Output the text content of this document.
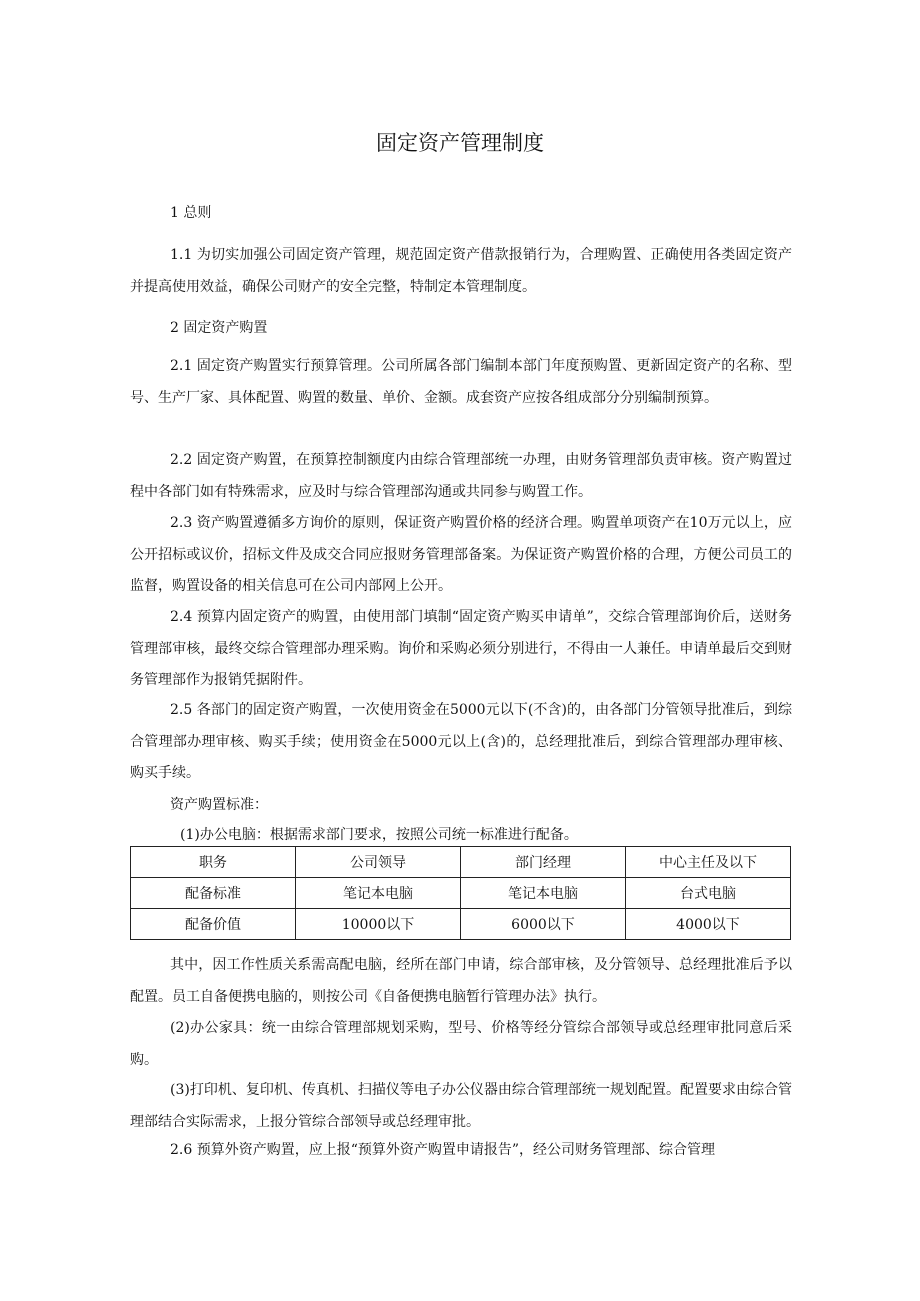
固定资产管理制度
1 总则

1.1 为切实加强公司固定资产管理，规范固定资产借款报销行为，合理购置、正确使用各类固定资产并提高使用效益，确保公司财产的安全完整，特制定本管理制度。

2 固定资产购置

2.1 固定资产购置实行预算管理。公司所属各部门编制本部门年度预购置、更新固定资产的名称、型号、生产厂家、具体配置、购置的数量、单价、金额。成套资产应按各组成部分分别编制预算。

2.2 固定资产购置，在预算控制额度内由综合管理部统一办理，由财务管理部负责审核。资产购置过程中各部门如有特殊需求，应及时与综合管理部沟通或共同参与购置工作。

2.3 资产购置遵循多方询价的原则，保证资产购置价格的经济合理。购置单项资产在10万元以上，应公开招标或议价，招标文件及成交合同应报财务管理部备案。为保证资产购置价格的合理，方便公司员工的监督，购置设备的相关信息可在公司内部网上公开。

2.4 预算内固定资产的购置，由使用部门填制“固定资产购买申请单”，交综合管理部询价后，送财务管理部审核，最终交综合管理部办理采购。询价和采购必须分别进行，不得由一人兼任。申请单最后交到财务管理部作为报销凭据附件。

2.5 各部门的固定资产购置，一次使用资金在5000元以下(不含)的，由各部门分管领导批准后，到综合管理部办理审核、购买手续；使用资金在5000元以上(含)的，总经理批准后，到综合管理部办理审核、购买手续。

资产购置标准：
(1)办公电脑：根据需求部门要求，按照公司统一标准进行配备。
职务	公司领导	部门经理	中心主任及以下
配备标准	笔记本电脑	笔记本电脑	台式电脑
配备价值	10000以下	6000以下	4000以下

其中，因工作性质关系需高配电脑，经所在部门申请，综合部审核，及分管领导、总经理批准后予以配置。员工自备便携电脑的，则按公司《自备便携电脑暂行管理办法》执行。

(2)办公家具：统一由综合管理部规划采购，型号、价格等经分管综合部领导或总经理审批同意后采购。

(3)打印机、复印机、传真机、扫描仪等电子办公仪器由综合管理部统一规划配置。配置要求由综合管理部结合实际需求，上报分管综合部领导或总经理审批。

2.6 预算外资产购置，应上报“预算外资产购置申请报告”，经公司财务管理部、综合管理
